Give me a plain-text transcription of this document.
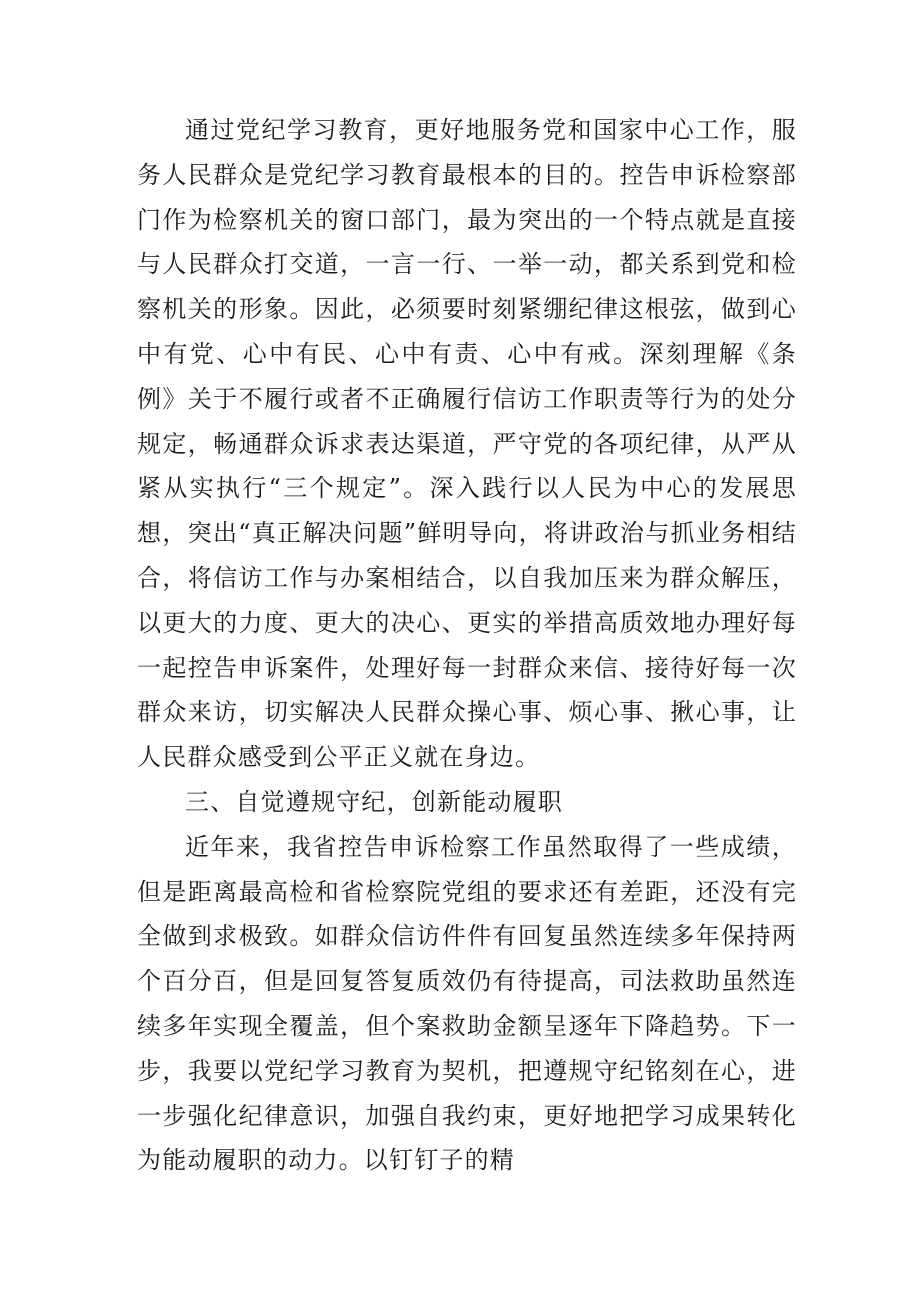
通过党纪学习教育，更好地服务党和国家中心工作，服务人民群众是党纪学习教育最根本的目的。控告申诉检察部门作为检察机关的窗口部门，最为突出的一个特点就是直接与人民群众打交道，一言一行、一举一动，都关系到党和检察机关的形象。因此，必须要时刻紧绷纪律这根弦，做到心中有党、心中有民、心中有责、心中有戒。深刻理解《条例》关于不履行或者不正确履行信访工作职责等行为的处分规定，畅通群众诉求表达渠道，严守党的各项纪律，从严从紧从实执行“三个规定”。深入践行以人民为中心的发展思想，突出“真正解决问题”鲜明导向，将讲政治与抓业务相结合，将信访工作与办案相结合，以自我加压来为群众解压，以更大的力度、更大的决心、更实的举措高质效地办理好每一起控告申诉案件，处理好每一封群众来信、接待好每一次群众来访，切实解决人民群众操心事、烦心事、揪心事，让人民群众感受到公平正义就在身边。

三、自觉遵规守纪，创新能动履职

近年来，我省控告申诉检察工作虽然取得了一些成绩，但是距离最高检和省检察院党组的要求还有差距，还没有完全做到求极致。如群众信访件件有回复虽然连续多年保持两个百分百，但是回复答复质效仍有待提高，司法救助虽然连续多年实现全覆盖，但个案救助金额呈逐年下降趋势。下一步，我要以党纪学习教育为契机，把遵规守纪铭刻在心，进一步强化纪律意识，加强自我约束，更好地把学习成果转化为能动履职的动力。以钉钉子的精
